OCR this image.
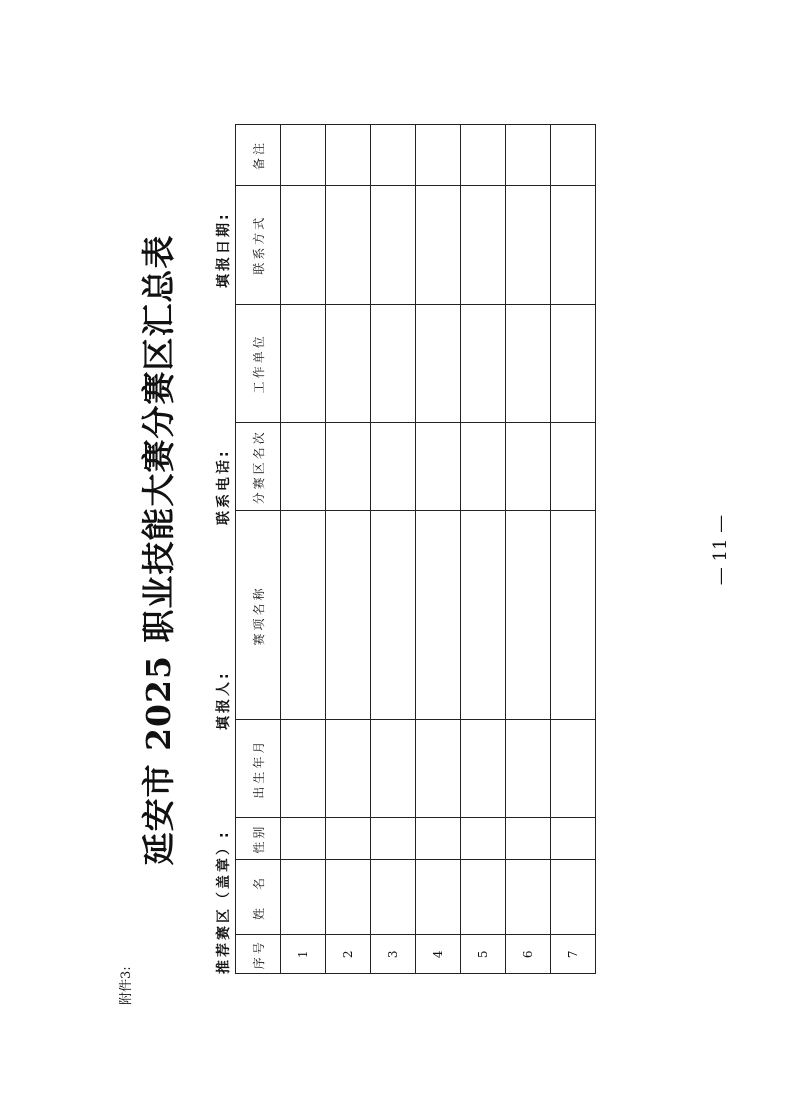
附件3:
延安市 2025 职业技能大赛分赛区汇总表
推荐赛区（盖章）:
填报人:
联系电话:
填报日期:
序号	姓　名	性别	出生年月	赛项名称	分赛区名次	工作单位	联系方式	备注
1								
2								
3								
4								
5								
6								
7								
— 11 —
